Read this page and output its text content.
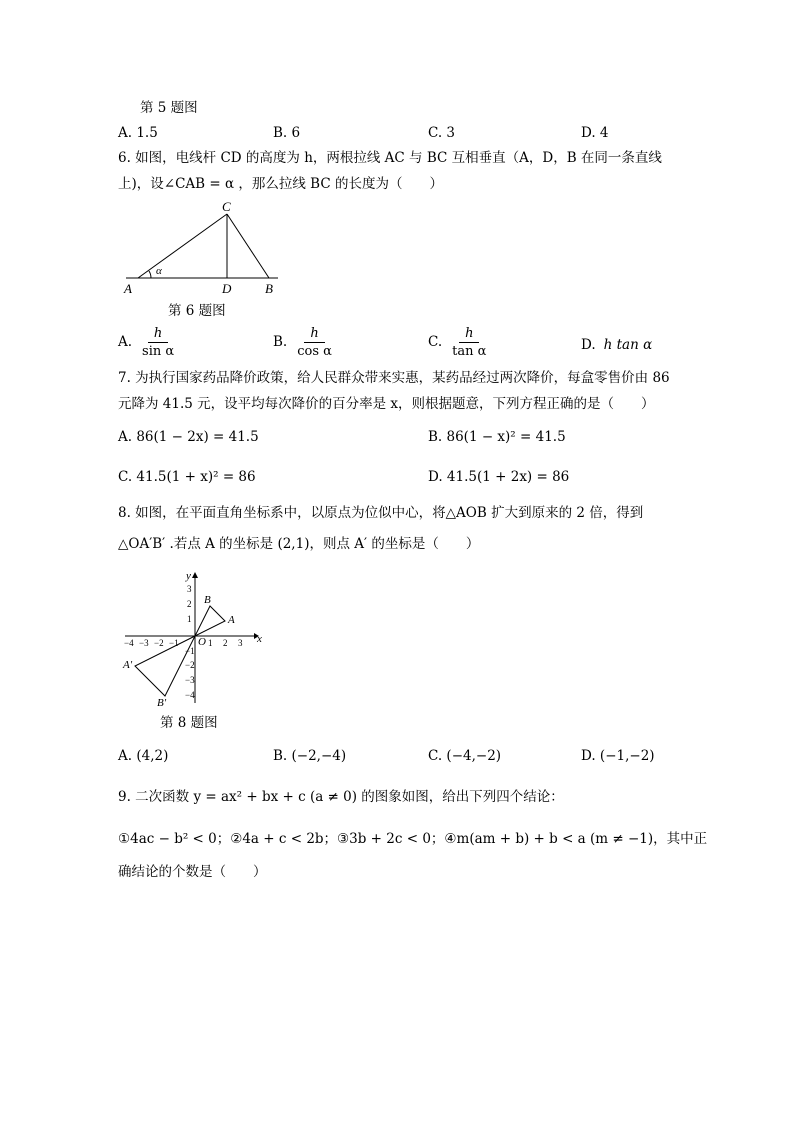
第 5 题图
A. 1.5	B. 6	C. 3	D. 4
6. 如图，电线杆 CD 的高度为 h，两根拉线 AC 与 BC 互相垂直（A，D，B 在同一条直线
上)，设∠CAB = α ，那么拉线 BC 的长度为（　　）
α
C
A	D	B
第 6 题图
A. $\frac{h}{\text{sin α}}$	B. $\frac{h}{\text{cos α}}$	C. $\frac{h}{\text{tan α}}$	D. h tan α
7. 为执行国家药品降价政策，给人民群众带来实惠，某药品经过两次降价，每盒零售价由 86
元降为 41.5 元，设平均每次降价的百分率是 x，则根据题意，下列方程正确的是（　　）
A. 86(1 − 2x) = 41.5	B. 86(1 − x)² = 41.5
C. 41.5(1 + x)² = 86	D. 41.5(1 + 2x) = 86
8. 如图，在平面直角坐标系中，以原点为位似中心，将△AOB 扩大到原来的 2 倍，得到
△OA′B′ .若点 A 的坐标是 (2,1)，则点 A′ 的坐标是（　　）
x
y
O
−4 −3 −2 −1	1 2 3
3
2
1
−1
−2
−3
−4
A
B
A′
B′
第 8 题图
A. (4,2)	B. (−2,−4)	C. (−4,−2)	D. (−1,−2)
9. 二次函数 y = ax² + bx + c (a ≠ 0) 的图象如图，给出下列四个结论：
①4ac − b² < 0；②4a + c < 2b；③3b + 2c < 0；④m(am + b) + b < a (m ≠ −1)，其中正
确结论的个数是（　　）
